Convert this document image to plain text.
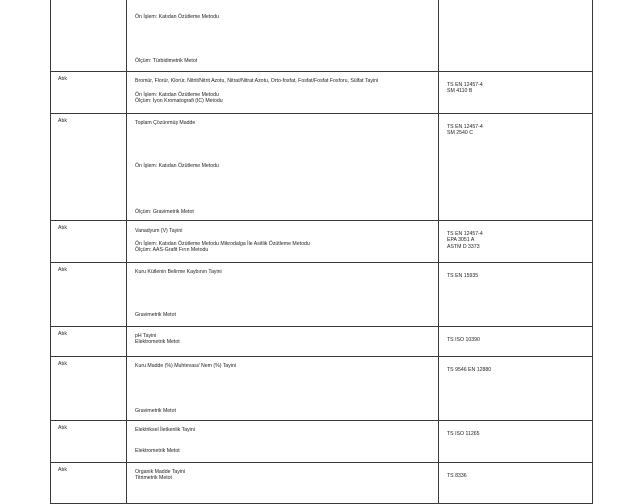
	Ön İşlem: Katıdan Özütleme Metodu
Ölçüm: Türbidimetrik Metot	

Atık	Bromür, Florür, Klorür, Nitrit/Nitrit Azotu, Nitrat/Nitrat Azotu, Orto-fosfat, Fosfat/Fosfat Fosforu, Sülfat Tayini
Ön İşlem: Katıdan Özütleme Metodu
Ölçüm: İyon Kromatografi (IC) Metodu	TS EN 12457-4
SM 4110 B

Atık	Toplam Çözünmüş Madde
Ön İşlem: Katıdan Özütleme Metodu
Ölçüm: Gravimetrik Metot	TS EN 12457-4
SM 2540 C

Atık	Vanadyum (V) Tayini
Ön İşlem: Katıdan Özütleme Metodu Mikrodalga İle Asitlik Özütleme Metodu
Ölçüm: AAS-Grafit Fırın Metodu	TS EN 12457-4
EPA 3051 A
ASTM D 3373

Atık	Kuru Kütlenin Belirme Kaybının Tayini
Gravimetrik Metot	TS EN 15935

Atık	pH Tayini
Elektrometrik Metot	TS ISO 10390

Atık	Kuru Madde (%) Muhtevası/ Nem (%) Tayini
Gravimetrik Metot	TS 9546 EN 12880

Atık	Elektriksel İletkenlik Tayini
Elektrometrik Metot	TS ISO 11265

Atık	Organik Madde Tayini
Titrimetrik Metot	TS 8336
